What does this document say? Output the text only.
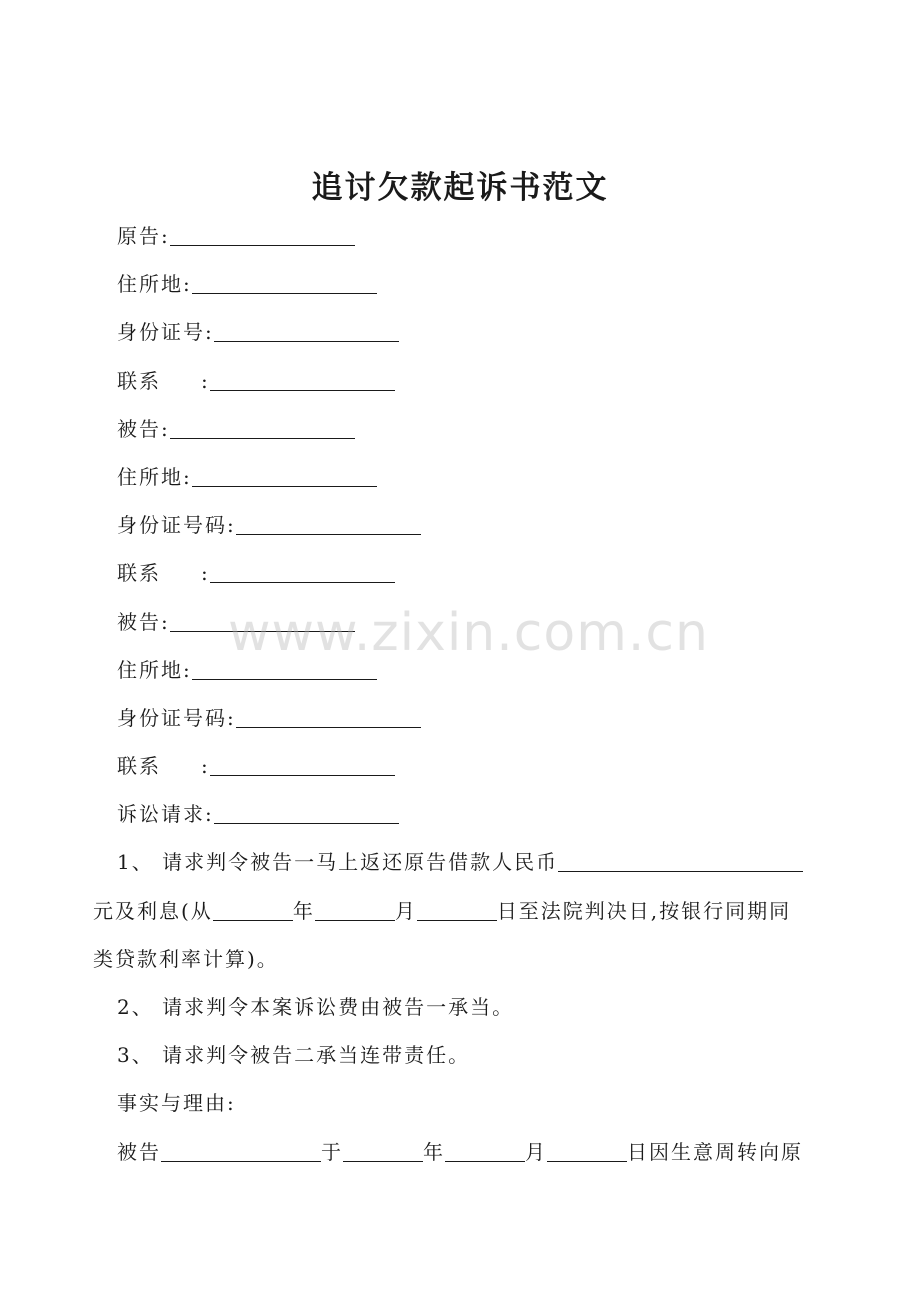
追讨欠款起诉书范文
原告:
住所地:
身份证号:
联系 :
被告:
住所地:
身份证号码:
联系 :
被告:
住所地:
身份证号码:
联系 :
诉讼请求:
1、 请求判令被告一马上返还原告借款人民币
元及利息(从	年	月	日至法院判决日,按银行同期同
类贷款利率计算)。
2、 请求判令本案诉讼费由被告一承当。
3、 请求判令被告二承当连带责任。
事实与理由:
被告	于	年	月	日因生意周转向原
www.zixin.com.cn
